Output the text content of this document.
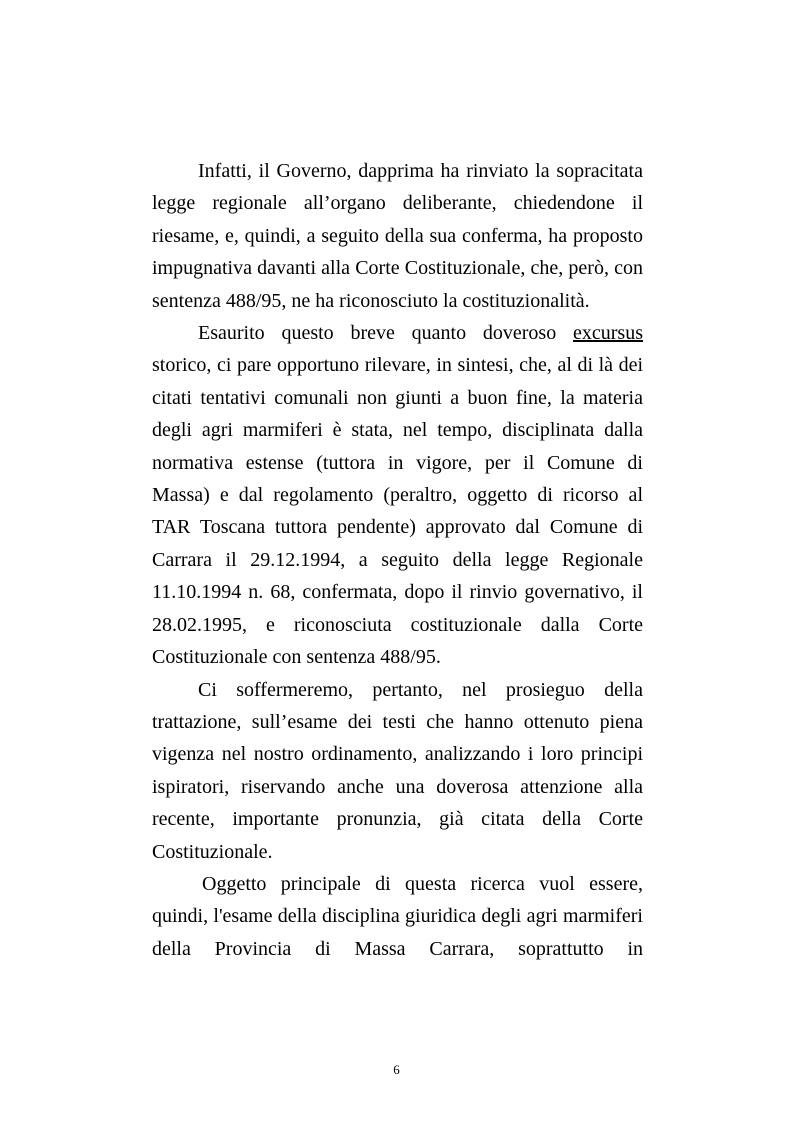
Infatti, il Governo, dapprima ha rinviato la sopracitata legge regionale all’organo deliberante, chiedendone il riesame, e, quindi, a seguito della sua conferma, ha proposto impugnativa davanti alla Corte Costituzionale, che, però, con sentenza 488/95, ne ha riconosciuto la costituzionalità.

Esaurito questo breve quanto doveroso excursus storico, ci pare opportuno rilevare, in sintesi, che, al di là dei citati tentativi comunali non giunti a buon fine, la materia degli agri marmiferi è stata, nel tempo, disciplinata dalla normativa estense (tuttora in vigore, per il Comune di Massa) e dal regolamento (peraltro, oggetto di ricorso al TAR Toscana tuttora pendente) approvato dal Comune di Carrara il 29.12.1994, a seguito della legge Regionale 11.10.1994 n. 68, confermata, dopo il rinvio governativo, il 28.02.1995, e riconosciuta costituzionale dalla Corte Costituzionale con sentenza 488/95.

Ci soffermeremo, pertanto, nel prosieguo della trattazione, sull’esame dei testi che hanno ottenuto piena vigenza nel nostro ordinamento, analizzando i loro principi ispiratori, riservando anche una doverosa attenzione alla recente, importante pronunzia, già citata della Corte Costituzionale.

Oggetto principale di questa ricerca vuol essere, quindi, l'esame della disciplina giuridica degli agri marmiferi della Provincia di Massa Carrara, soprattutto in

6
